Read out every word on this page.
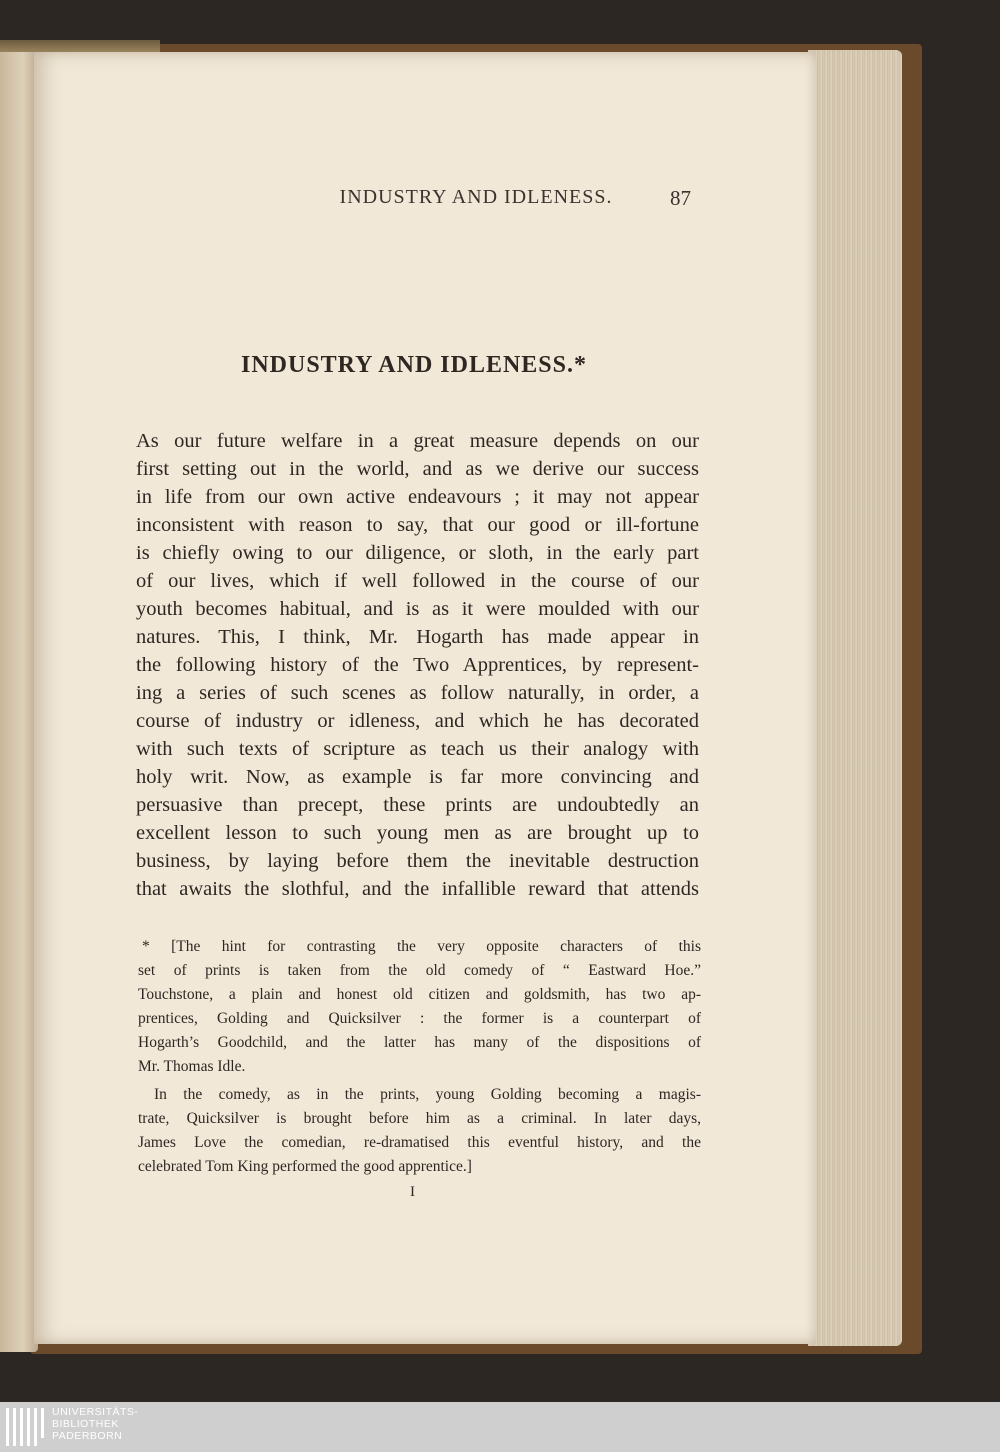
INDUSTRY AND IDLENESS.	87
INDUSTRY AND IDLENESS.*
As our future welfare in a great measure depends on our
first setting out in the world, and as we derive our success
in life from our own active endeavours ; it may not appear
inconsistent with reason to say, that our good or ill-fortune
is chiefly owing to our diligence, or sloth, in the early part
of our lives, which if well followed in the course of our
youth becomes habitual, and is as it were moulded with our
natures. This, I think, Mr. Hogarth has made appear in
the following history of the Two Apprentices, by represent-
ing a series of such scenes as follow naturally, in order, a
course of industry or idleness, and which he has decorated
with such texts of scripture as teach us their analogy with
holy writ. Now, as example is far more convincing and
persuasive than precept, these prints are undoubtedly an
excellent lesson to such young men as are brought up to
business, by laying before them the inevitable destruction
that awaits the slothful, and the infallible reward that attends
* [The hint for contrasting the very opposite characters of this
set of prints is taken from the old comedy of “ Eastward Hoe.”
Touchstone, a plain and honest old citizen and goldsmith, has two ap-
prentices, Golding and Quicksilver : the former is a counterpart of
Hogarth’s Goodchild, and the latter has many of the dispositions of
Mr. Thomas Idle.
In the comedy, as in the prints, young Golding becoming a magis-
trate, Quicksilver is brought before him as a criminal. In later days,
James Love the comedian, re-dramatised this eventful history, and the
celebrated Tom King performed the good apprentice.]
I
UNIVERSITÄTS-
BIBLIOTHEK
PADERBORN
